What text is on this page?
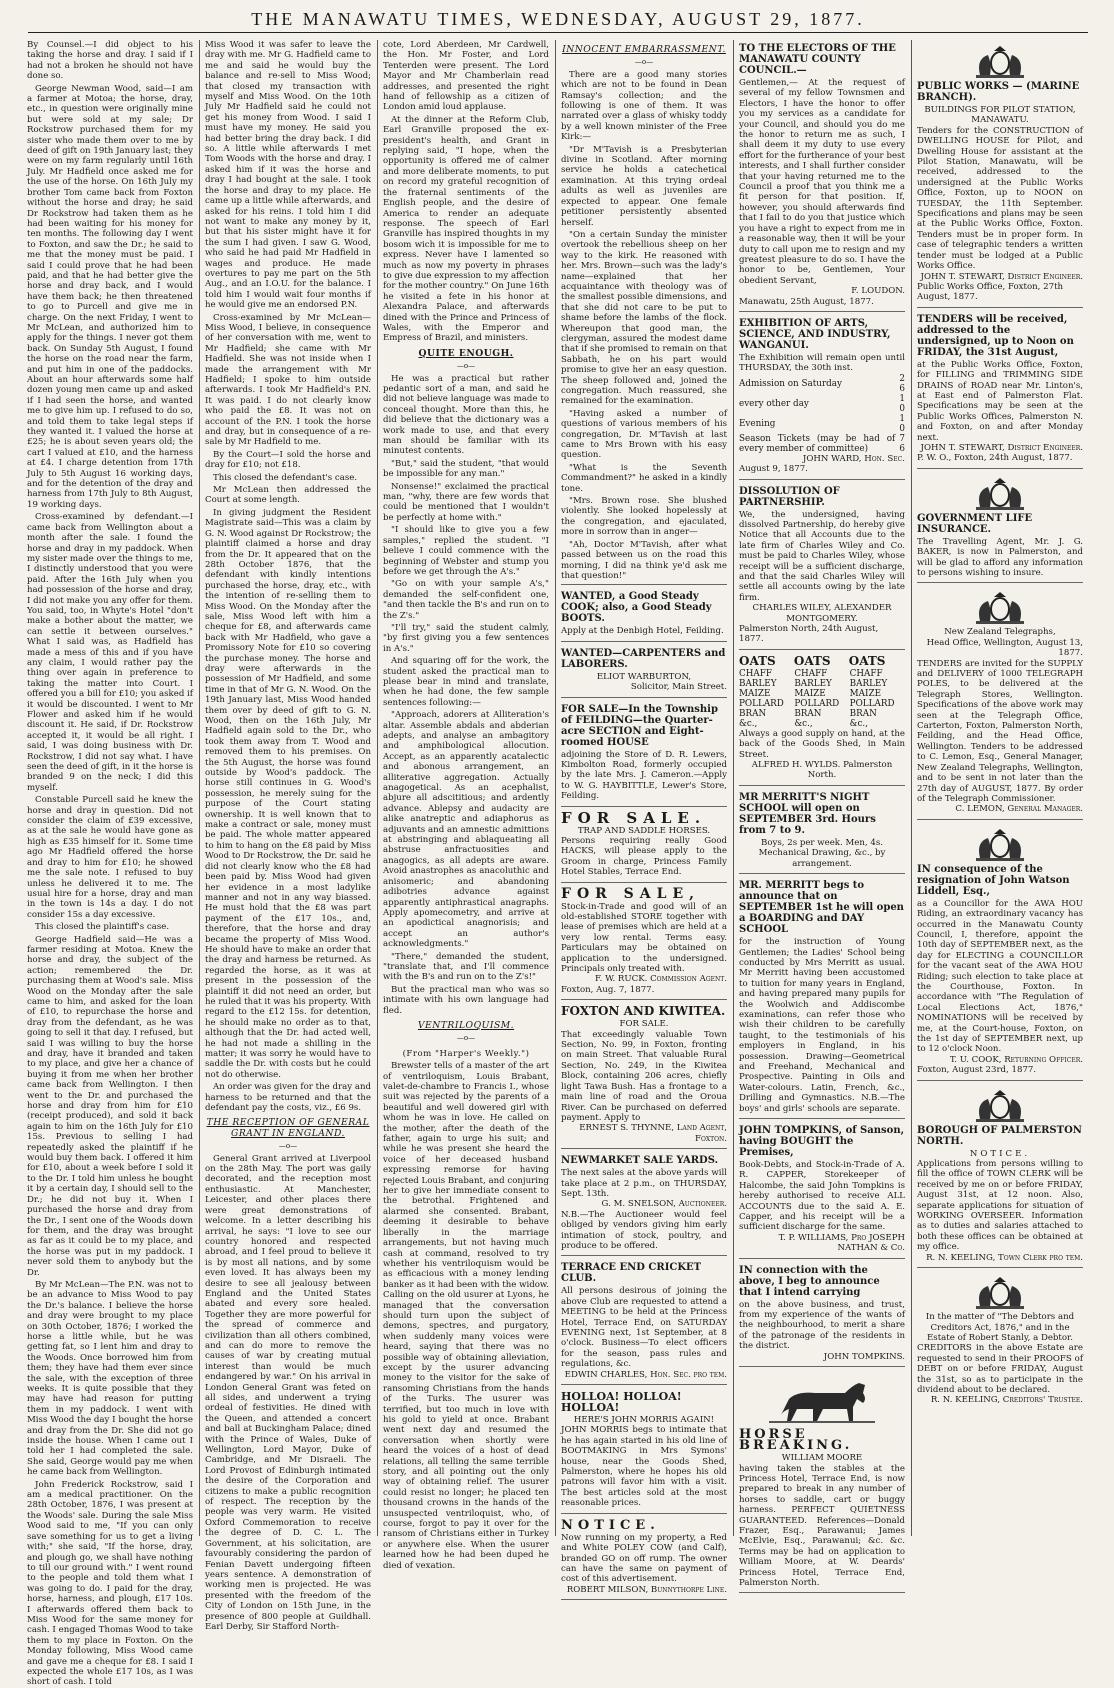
THE MANAWATU TIMES, WEDNESDAY, AUGUST 29, 1877.

By Counsel.—I did object to his taking the horse and dray. I said if I had not a broken he should not have done so.

George Newman Wood, said—I am a farmer at Motoa; the horse, dray, etc., in question were originally mine but were sold at my sale; Dr Rockstrow purchased them for my sister who made them over to me by deed of gift on 19th January last; they were on my farm regularly until 16th July. Mr Hadfield once asked me for the use of the horse. On 16th July my brother Tom came back from Foxton without the horse and dray; he said Dr Rockstrow had taken them as he had been waiting for his money for ten months. The following day I went to Foxton, and saw the Dr.; he said to me that the money must be paid. I said I could prove that he had been paid, and that he had better give the horse and dray back, and I would have them back; he then threatened to go to Purcell and give me in charge. On the next Friday, I went to Mr McLean, and authorized him to apply for the things. I never got them back. On Sunday 5th August, I found the horse on the road near the farm, and put him in one of the paddocks. About an hour afterwards some half dozen young men came up and asked if I had seen the horse, and wanted me to give him up. I refused to do so, and told them to take legal steps if they wanted it. I valued the horse at £25; he is about seven years old; the cart I valued at £10, and the harness at £4. I charge detention from 17th July to 5th August 16 working days, and for the detention of the dray and harness from 17th July to 8th August, 19 working days.

Cross-examined by defendant.—I came back from Wellington about a month after the sale. I found the horse and dray in my paddock. When my sister made over the things to me, I distinctly understood that you were paid. After the 16th July when you had possession of the horse and dray, I did not make you any offer for them. You said, too, in Whyte's Hotel "don't make a bother about the matter, we can settle it between ourselves." What I said was, as Hadfield has made a mess of this and if you have any claim, I would rather pay the thing over again in preference to taking the matter into Court. I offered you a bill for £10; you asked if it would be discounted. I went to Mr Flower and asked him if he would discount it. He said, if Dr. Rockstrow accepted it, it would be all right. I said, I was doing business with Dr. Rockstrow, I did not say what. I have seen the deed of gift, in it the horse is branded 9 on the neck; I did this myself.

Constable Purcell said he knew the horse and dray in question. Did not consider the claim of £39 excessive, as at the sale he would have gone as high as £35 himself for it. Some time ago Mr Hadfield offered the horse and dray to him for £10; he showed me the sale note. I refused to buy unless he delivered it to me. The usual hire for a horse, dray and man in the town is 14s a day. I do not consider 15s a day excessive.

This closed the plaintiff's case.

George Hadfield said—He was a farmer residing at Motoa. Knew the horse and dray, the subject of the action; remembered the Dr. purchasing them at Wood's sale. Miss Wood on the Monday after the sale came to him, and asked for the loan of £10, to repurchase the horse and dray from the defendant, as he was going to sell it that day. I refused, but said I was willing to buy the horse and dray, have it branded and taken to my place, and give her a chance of buying it from me when her brother came back from Wellington. I then went to the Dr. and purchased the horse and dray from him for £10 (receipt produced), and sold it back again to him on the 16th July for £10 15s. Previous to selling I had repeatedly asked the plaintiff if he would buy them back. I offered it him for £10, about a week before I sold it to the Dr. I told him unless he bought it by a certain day, I should sell to the Dr.; he did not buy it. When I purchased the horse and dray from the Dr., I sent one of the Woods down for them, and the dray was brought as far as it could be to my place, and the horse was put in my paddock. I never sold them to anybody but the Dr.

By Mr McLean—The P.N. was not to be an advance to Miss Wood to pay the Dr.'s balance. I believe the horse and dray were brought to my place on 30th October, 1876; I worked the horse a little while, but he was getting fat, so I lent him and dray to the Woods. Once borrowed him from them; they have had them ever since the sale, with the exception of three weeks. It is quite possible that they may have had reason for putting them in my paddock. I went with Miss Wood the day I bought the horse and dray from the Dr. She did not go inside the house. When I came out I told her I had completed the sale. She said, George would pay me when he came back from Wellington.

John Frederick Rockstrow, said I am a medical practitioner. On the 28th October, 1876, I was present at the Woods' sale. During the sale Miss Wood said to me, "If you can only save something for us to get a living with;" she said, "If the horse, dray, and plough go, we shall have nothing to till our ground with." I went round to the people and told them what I was going to do. I paid for the dray, horse, harness, and plough, £17 10s. I afterwards offered them back to Miss Wood for the same money for cash. I engaged Thomas Wood to take them to my place in Foxton. On the Monday following, Miss Wood came and gave me a cheque for £8. I said I expected the whole £17 10s, as I was short of cash. I told

Miss Wood it was safer to leave the dray with me. Mr G. Hadfield came to me and said he would buy the balance and re-sell to Miss Wood; that closed my transaction with myself and Miss Wood. On the 10th July Mr Hadfield said he could not get his money from Wood. I said I must have my money. He said you had better bring the dray back. I did so. A little while afterwards I met Tom Woods with the horse and dray. I asked him if it was the horse and dray I had bought at the sale. I took the horse and dray to my place. He came up a little while afterwards, and asked for his reins. I told him I did not want to make any money by it, but that his sister might have it for the sum I had given. I saw G. Wood, who said he had paid Mr Hadfield in wages and produce. He made overtures to pay me part on the 5th Aug., and an I.O.U. for the balance. I told him I would wait four months if he would give me an endorsed P.N.

Cross-examined by Mr McLean—Miss Wood, I believe, in consequence of her conversation with me, went to Mr Hadfield; she came with Mr Hadfield. She was not inside when I made the arrangement with Mr Hadfield; I spoke to him outside afterwards. I took Mr Hadfield's P.N. It was paid. I do not clearly know who paid the £8. It was not on account of the P.N. I took the horse and dray, but in consequence of a re-sale by Mr Hadfield to me.

By the Court—I sold the horse and dray for £10; not £18.

This closed the defendant's case.

Mr McLean then addressed the Court at some length.

In giving judgment the Resident Magistrate said—This was a claim by G. N. Wood against Dr Rockstrow; the plaintiff claimed a horse and dray from the Dr. It appeared that on the 28th October 1876, that the defendant with kindly intentions purchased the horse, dray, etc., with the intention of re-selling them to Miss Wood. On the Monday after the sale, Miss Wood left with him a cheque for £8, and afterwards came back with Mr Hadfield, who gave a Promissory Note for £10 so covering the purchase money. The horse and dray were afterwards in the possession of Mr Hadfield, and some time in that of Mr G. N. Wood. On the 19th January last, Miss Wood handed them over by deed of gift to G. N. Wood, then on the 16th July, Mr Hadfield again sold to the Dr., who took them away from T. Wood and removed them to his premises. On the 5th August, the horse was found outside by Wood's paddock. The horse still continues in G. Wood's possession, he merely suing for the purpose of the Court stating ownership. It is well known that to make a contract or sale, money must be paid. The whole matter appeared to him to hang on the £8 paid by Miss Wood to Dr Rockstrow, the Dr. said he did not clearly know who the £8 had been paid by. Miss Wood had given her evidence in a most ladylike manner and not in any way biassed. He must hold that the £8 was part payment of the £17 10s., and, therefore, that the horse and dray became the property of Miss Wood. He should have to make an order that the dray and harness be returned. As regarded the horse, as it was at present in the possession of the plaintiff it did not need an order, but he ruled that it was his property. With regard to the £12 15s. for detention, he should make no order as to that, although that the Dr. had acted well, he had not made a shilling in the matter; it was sorry he would have to saddle the Dr. with costs but he could not do otherwise.

An order was given for the dray and harness to be returned and that the defendant pay the costs, viz., £6 9s.

THE RECEPTION OF GENERAL GRANT IN ENGLAND.
—o—

General Grant arrived at Liverpool on the 28th May. The port was gaily decorated, and the reception most enthusiastic. At Manchester, Leicester, and other places there were great demonstrations of welcome. In a letter describing his arrival, he says: "I love to see our country honored and respected abroad, and I feel proud to believe it is by most all nations, and by some even loved. It has always been my desire to see all jealousy between England and the United States abated and every sore healed. Together they are more powerful for the spread of commerce and civilization than all others combined, and can do more to remove the causes of war by creating mutual interest than would be much endangered by war." On his arrival in London General Grant was feted on all sides, and underwent a trying ordeal of festivities. He dined with the Queen, and attended a concert and ball at Buckingham Palace; dined with the Prince of Wales, Duke of Wellington, Lord Mayor, Duke of Cambridge, and Mr Disraeli. The Lord Provost of Edinburgh intimated the desire of the Corporation and citizens to make a public recognition of respect. The reception by the people was very warm. He visited Oxford Commemoration to receive the degree of D. C. L. The Government, at his solicitation, are favourably considering the pardon of Fenian Davett undergoing fifteen years sentence. A demonstration of working men is projected. He was presented with the freedom of the City of London on 15th June, in the presence of 800 people at Guildhall. Earl Derby, Sir Stafford North-

cote, Lord Aberdeen, Mr Cardwell, the Hon. Mr Foster, and Lord Tenterden were present. The Lord Mayor and Mr Chamberlain read addresses, and presented the right hand of fellowship as a citizen of London amid loud applause.

At the dinner at the Reform Club, Earl Granville proposed the ex-president's health, and Grant in replying said, "I hope, when the opportunity is offered me of calmer and more deliberate moments, to put on record my grateful recognition of the fraternal sentiments of the English people, and the desire of America to render an adequate response. The speech of Earl Granville has inspired thoughts in my bosom wich it is impossible for me to express. Never have I lamented so much as now my poverty in phrases to give due expression to my affection for the mother country." On June 16th he visited a fete in his honor at Alexandra Palace, and afterwards dined with the Prince and Princess of Wales, with the Emperor and Empress of Brazil, and ministers.

QUITE ENOUGH.
—o—

He was a practical but rather pedantic sort of a man, and said he did not believe language was made to conceal thought. More than this, he did believe that the dictionary was a work made to use, and that every man should be familiar with its minutest contents.

"But," said the student, "that would be impossible for any man."

Nonsense!" exclaimed the practical man, "why, there are few words that could be mentioned that I wouldn't be perfectly at home with."

"I should like to give you a few samples," replied the student. "I believe I could commence with the beginning of Webster and stump you before we get through the A's."

"Go on with your sample A's," demanded the self-confident one, "and then tackle the B's and run on to the Z's."

"I'll try," said the student calmly, "by first giving you a few sentences in A's."

And squaring off for the work, the student asked the practical man to please bear in mind and translate, when he had done, the few sample sentences following:—

"Approach, adorers at Alliteration's altar. Assemble abdals and abderian adepts, and analyse an ambagitory and amphibological allocution. Accept, as an apparently acatalectic and abonous arrangement, an alliterative aggregation. Actually anagogetical. As an acephalist, abjure all adscititious; and ardently advance. Ablepsy and audacity are alike anatreptic and adiaphorus as adjuvants and an amnestic admittions at abstringing and ablaqueating all abstruse anfractuosities and anagogics, as all adepts are aware. Avoid anastrophes as anacoluthic and anisomeric; and abandoning adibotries advance against apparently antiphrastical anagraphs. Apply apomecometry, and arrive at an apodictical anagnorisis; and accept an author's acknowledgments."

"There," demanded the student, "translate that, and I'll commence with the B's and run on to the Z's!"

But the practical man who was so intimate with his own language had fled.

VENTRILOQUISM.
—o—
(From "Harper's Weekly.")

Brewster tells of a master of the art of ventriloquism, Louis Brabant, valet-de-chambre to Francis I., whose suit was rejected by the parents of a beautiful and well dowered girl with whom he was in love. He called on the mother, after the death of the father, again to urge his suit; and while he was present she heard the voice of her deceased husband expressing remorse for having rejected Louis Brabant, and conjuring her to give her immediate consent to the betrothal. Frightened and alarmed she consented. Brabant, deeming it desirable to behave liberally in the marriage arrangements, but not having much cash at command, resolved to try whether his ventriloquism would be as efficacious with a money lending banker as it had been with the widow. Calling on the old usurer at Lyons, he managed that the conversation should turn upon the subject of demons, spectres, and purgatory, when suddenly many voices were heard, saying that there was no possible way of obtaining alleviation, except by the usurer advancing money to the visitor for the sake of ransoming Christians from the hands of the Turks. The usurer was terrified, but too much in love with his gold to yield at once. Brabant went next day and resumed the conversation when shortly were heard the voices of a host of dead relations, all telling the same terrible story, and all pointing out the only way of obtaining relief. The usurer could resist no longer; he placed ten thousand crowns in the hands of the unsuspected ventriloquist, who, of course, forgot to pay it over for the ransom of Christians either in Turkey or anywhere else. When the usurer learned how he had been duped he died of vexation.

INNOCENT EMBARRASSMENT.
—o—

There are a good many stories which are not to be found in Dean Ramsay's collection; and the following is one of them. It was narrated over a glass of whisky toddy by a well known minister of the Free Kirk:—

"Dr M'Tavish is a Presbyterian divine in Scotland. After morning service he holds a catechetical examination. At this trying ordeal adults as well as juveniles are expected to appear. One female petitioner persistently absented herself.

"On a certain Sunday the minister overtook the rebellious sheep on her way to the kirk. He reasoned with her. Mrs. Brown—such was the lady's name—explained that her acquaintance with theology was of the smallest possible dimensions, and that she did not care to be put to shame before the lambs of the flock. Whereupon that good man, the clergyman, assured the modest dame that if she promised to remain on that Sabbath, he on his part would promise to give her an easy question. The sheep followed and, joined the congregation. Much reassured, she remained for the examination.

"Having asked a number of questions of various members of his congregation, Dr. M'Tavish at last came to Mrs Brown with his easy question.

"What is the Seventh Commandment?" he asked in a kindly tone.

"Mrs. Brown rose. She blushed violently. She looked hopelessly at the congregation, and ejaculated, more in sorrow than in anger—

"Ah, Doctor M'Tavish, after what passed between us on the road this morning, I did na think ye'd ask me that question!"

WANTED, a Good Steady COOK; also, a Good Steady BOOTS.
Apply at the Denbigh Hotel, Feilding.
WANTED—CARPENTERS and LABORERS.
ELIOT WARBURTON,
Solicitor, Main Street.
FOR SALE—In the Township of FEILDING—the Quarter-acre SECTION and Eight-roomed HOUSE
adjoining the Store of D. R. Lewers, Kimbolton Road, formerly occupied by the late Mrs. J. Cameron.—Apply to W. G. HAYBITTLE, Lewer's Store, Feilding.
FOR SALE.
TRAP AND SADDLE HORSES.
Persons requiring really Good HACKS, will please apply to the Groom in charge, Princess Family Hotel Stables, Terrace End.
FOR SALE,
Stock-in-Trade and good will of an old-established STORE together with lease of premises which are held at a very low rental. Terms easy. Particulars may be obtained on application to the undersigned. Principals only treated with.
F. W. RUCK. Commission Agent.
Foxton, Aug. 7, 1877.
FOXTON AND KIWITEA.
FOR SALE.
That exceedingly valuable Town Section, No. 99, in Foxton, fronting on main Street. That valuable Rural Section, No. 249, in the Kiwitea Block, containing 206 acres, chiefly light Tawa Bush. Has a frontage to a main line of road and the Oroua River. Can be purchased on deferred payment. Apply to
ERNEST S. THYNNE, Land Agent, Foxton.
NEWMARKET SALE YARDS.
The next sales at the above yards will take place at 2 p.m., on THURSDAY, Sept. 13th.
G. M. SNELSON, Auctioneer.
N.B.—The Auctioneer would feel obliged by vendors giving him early intimation of stock, poultry, and produce to be offered.
TERRACE END CRICKET CLUB.
All persons desirous of joining the above Club are requested to attend a MEETING to be held at the Princess Hotel, Terrace End, on SATURDAY EVENING next, 1st September, at 8 o'clock. Business—To elect officers for the season, pass rules and regulations, &c.
EDWIN CHARLES, Hon. Sec. pro tem.
HOLLOA! HOLLOA! HOLLOA!
HERE'S JOHN MORRIS AGAIN!
JOHN MORRIS begs to intimate that he has again started in his old line of BOOTMAKING in Mrs Symons' house, near the Goods Shed, Palmerston, where he hopes his old patrons will favor him with a visit. The best articles sold at the most reasonable prices.
NOTICE.
Now running on my property, a Red and White POLEY COW (and Calf), branded GO on off rump. The owner can have the same on payment of cost of this advertisement.
ROBERT MILSON, Bunnythorpe Line.
TO THE ELECTORS OF THE MANAWATU COUNTY COUNCIL.—
Gentlemen,— At the request of several of my fellow Townsmen and Electors, I have the honor to offer you my services as a candidate for your Council, and should you do me the honor to return me as such, I shall deem it my duty to use every effort for the furtherance of your best interests, and I shall further consider that your having returned me to the Council a proof that you think me a fit person for that position. If, however, you should afterwards find that I fail to do you that justice which you have a right to expect from me in a reasonable way, then it will be your duty to call upon me to resign and my greatest pleasure to do so. I have the honor to be, Gentlemen, Your obedient Servant,
F. LOUDON.
Manawatu, 25th August, 1877.
EXHIBITION OF ARTS, SCIENCE, AND INDUSTRY, WANGANUI.
The Exhibition will remain open until THURSDAY, the 30th inst.
Admission on Saturday	2 6
every other day	1 0
Evening	1 0
Season Tickets (may be had of every member of committee)	7 6
JOHN WARD, Hon. Sec.
August 9, 1877.
DISSOLUTION OF PARTNERSHIP.
We, the undersigned, having dissolved Partnership, do hereby give Notice that all Accounts due to the late firm of Charles Wiley and Co. must be paid to Charles Wiley, whose receipt will be a sufficient discharge, and that the said Charles Wiley will settle all accounts owing by the late firm.
CHARLES WILEY, ALEXANDER MONTGOMERY.
Palmerston North, 24th August, 1877.
OATS OATS OATS
CHAFF	CHAFF	CHAFF
BARLEY	BARLEY	BARLEY
MAIZE	MAIZE	MAIZE
POLLARD	POLLARD	POLLARD
BRAN	BRAN	BRAN
&c.,	&c.,	&c.,
Always a good supply on hand, at the back of the Goods Shed, in Main Street.
ALFRED H. WYLDS. Palmerston North.
MR MERRITT'S NIGHT SCHOOL will open on SEPTEMBER 3rd. Hours from 7 to 9.
Boys, 2s per week. Men, 4s. Mechanical Drawing, &c., by arrangement.
MR. MERRITT begs to announce that on SEPTEMBER 1st he will open a BOARDING and DAY SCHOOL
for the instruction of Young Gentlemen; the Ladies' School being conducted by Mrs Merritt as usual. Mr Merritt having been accustomed to tuition for many years in England, and having prepared many pupils for the Woolwich and Addiscombe examinations, can refer those who wish their children to be carefully taught, to the testimonials of his employers in England, in his possession. Drawing—Geometrical and Freehand, Mechanical and Prospective. Painting in Oils and Water-colours. Latin, French, &c., Drilling and Gymnastics. N.B.—The boys' and girls' schools are separate.
JOHN TOMPKINS, of Sanson, having BOUGHT the Premises,
Book-Debts, and Stock-in-Trade of A. R. CAPPER, Storekeeper of Halcombe, the said John Tompkins is hereby authorised to receive ALL ACCOUNTS due to the said A. E. Capper, and his receipt will be a sufficient discharge for the same.
T. P. WILLIAMS, Pro JOSEPH NATHAN & Co.
IN connection with the above, I beg to announce that I intend carrying
on the above business, and trust, from my experience of the wants of the neighbourhood, to merit a share of the patronage of the residents in the district.
JOHN TOMPKINS.
HORSE BREAKING.
WILLIAM MOORE
having taken the stables at the Princess Hotel, Terrace End, is now prepared to break in any number of horses to saddle, cart or buggy harness. PERFECT QUIETNESS GUARANTEED. References—Donald Frazer, Esq., Parawanui; James McElvie, Esq., Parawanui; &c. &c. Terms may be had on application to William Moore, at W. Deards' Princess Hotel, Terrace End, Palmerston North.
PUBLIC WORKS — (MARINE BRANCH).
BUILDINGS FOR PILOT STATION, MANAWATU.
Tenders for the CONSTRUCTION of DWELLING HOUSE for Pilot, and Dwelling House for assistant at the Pilot Station, Manawatu, will be received, addressed to the undersigned at the Public Works Office, Foxton, up to NOON on TUESDAY, the 11th September. Specifications and plans may be seen at the Public Works Office, Foxton. Tenders must be in proper form. In case of telegraphic tenders a written tender must be lodged at a Public Works Office.
JOHN T. STEWART, District Engineer.
Public Works Office, Foxton, 27th August, 1877.
TENDERS will be received, addressed to the undersigned, up to Noon on FRIDAY, the 31st August,
at the Public Works Office, Foxton, for FILLING and TRIMMING SIDE DRAINS of ROAD near Mr. Linton's, at East end of Palmerston Flat. Specifications may be seen at the Public Works Offices, Palmerston N. and Foxton, on and after Monday next.
JOHN T. STEWART, District Engineer.
P. W. O., Foxton, 24th August, 1877.
GOVERNMENT LIFE INSURANCE.
The Travelling Agent, Mr. J. G. BAKER, is now in Palmerston, and will be glad to afford any information to persons wishing to insure.
New Zealand Telegraphs,
Head Office, Wellington, August 13, 1877.
TENDERS are invited for the SUPPLY and DELIVERY of 1000 TELEGRAPH POLES, to be delivered at the Telegraph Stores, Wellington. Specifications of the above work may seen at the Telegraph Office, Carterton, Foxton, Palmerston North, Feilding, and the Head Office, Wellington. Tenders to be addressed to C. Lemon, Esq., General Manager, New Zealand Telegraphs, Wellington, and to be sent in not later than the 27th day of AUGUST, 1877. By order of the Telegraph Commissioner.
C. LEMON, General Manager.
IN consequence of the resignation of John Watson Liddell, Esq.,
as a Councillor for the AWA HOU Riding, an extraordinary vacancy has occurred in the Manawatu County Council, I, therefore, appoint the 10th day of SEPTEMBER next, as the day for ELECTING a COUNCILLOR for the vacant seat of the AWA HOU Riding; such election to take place at the Courthouse, Foxton. In accordance with "The Regulation of Local Elections Act, 1876," NOMINATIONS will be received by me, at the Court-house, Foxton, on the 1st day of SEPTEMBER next, up to 12 o'clock Noon.
T. U. COOK, Returning Officer.
Foxton, August 23rd, 1877.
BOROUGH OF PALMERSTON NORTH.
NOTICE.
Applications from persons willing to fill the office of TOWN CLERK will be received by me on or before FRIDAY, August 31st, at 12 noon. Also, separate applications for situation of WORKING OVERSEER. Information as to duties and salaries attached to both these offices can be obtained at my office.
R. N. KEELING, Town Clerk pro tem.
In the matter of "The Debtors and Creditors Act, 1876," and in the Estate of Robert Stanly, a Debtor.
CREDITORS in the above Estate are requested to send in their PROOFS of DEBT on or before FRIDAY, August the 31st, so as to participate in the dividend about to be declared.
R. N. KEELING, Creditors' Trustee.
